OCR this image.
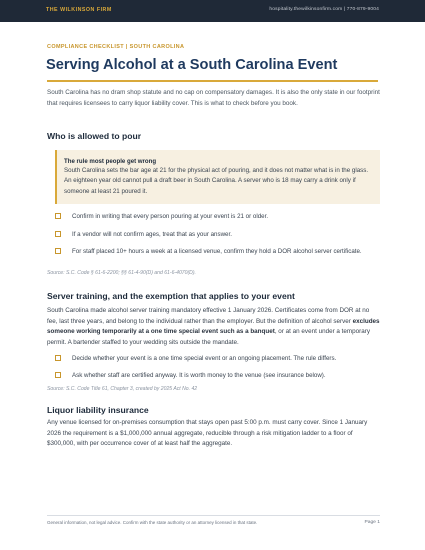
THE WILKINSON FIRM	hospitality.thewilkinsonfirm.com | 770-879-9004
COMPLIANCE CHECKLIST | SOUTH CAROLINA
Serving Alcohol at a South Carolina Event

South Carolina has no dram shop statute and no cap on compensatory damages. It is also the only state in our footprint that requires licensees to carry liquor liability cover. This is what to check before you book.

Who is allowed to pour
The rule most people get wrong
South Carolina sets the bar age at 21 for the physical act of pouring, and it does not matter what is in the glass. An eighteen year old cannot pull a draft beer in South Carolina. A server who is 18 may carry a drink only if someone at least 21 poured it.
Confirm in writing that every person pouring at your event is 21 or older.
If a vendor will not confirm ages, treat that as your answer.
For staff placed 10+ hours a week at a licensed venue, confirm they hold a DOR alcohol server certificate.
Source: S.C. Code § 61-6-2200; §§ 61-4-90(D) and 61-6-4070(D).
Server training, and the exemption that applies to your event

South Carolina made alcohol server training mandatory effective 1 January 2026. Certificates come from DOR at no fee, last three years, and belong to the individual rather than the employer. But the definition of alcohol server excludes someone working temporarily at a one time special event such as a banquet, or at an event under a temporary permit. A bartender staffed to your wedding sits outside the mandate.

Decide whether your event is a one time special event or an ongoing placement. The rule differs.
Ask whether staff are certified anyway. It is worth money to the venue (see insurance below).
Source: S.C. Code Title 61, Chapter 3, created by 2025 Act No. 42
Liquor liability insurance

Any venue licensed for on-premises consumption that stays open past 5:00 p.m. must carry cover. Since 1 January 2026 the requirement is a $1,000,000 annual aggregate, reducible through a risk mitigation ladder to a floor of $300,000, with per occurrence cover of at least half the aggregate.

General information, not legal advice. Confirm with the state authority or an attorney licensed in that state.	Page 1
